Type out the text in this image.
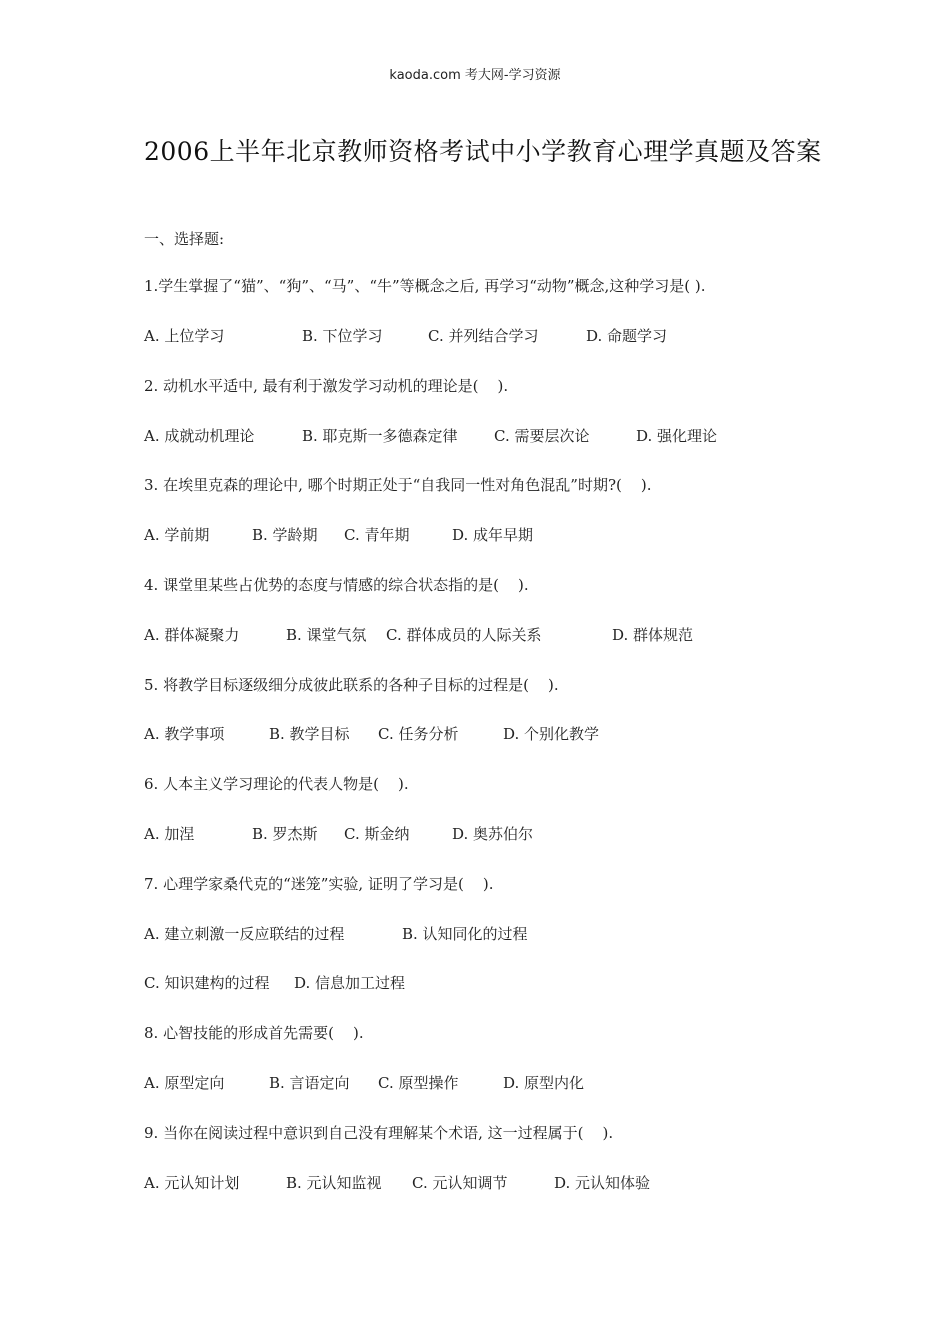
kaoda.com 考大网-学习资源
2006上半年北京教师资格考试中小学教育心理学真题及答案
一、选择题:

1.学生掌握了“猫”、“狗”、“马”、“牛”等概念之后, 再学习“动物”概念,这种学习是( ).

A. 上位学习	B. 下位学习	C. 并列结合学习	D. 命题学习
2. 动机水平适中, 最有利于激发学习动机的理论是(    ).
A. 成就动机理论	B. 耶克斯一多德森定律	C. 需要层次论	D. 强化理论
3. 在埃里克森的理论中, 哪个时期正处于“自我同一性对角色混乱”时期?(    ).
A. 学前期	B. 学龄期	C. 青年期	D. 成年早期
4. 课堂里某些占优势的态度与情感的综合状态指的是(    ).
A. 群体凝聚力	B. 课堂气氛	C. 群体成员的人际关系	D. 群体规范
5. 将教学目标逐级细分成彼此联系的各种子目标的过程是(    ).
A. 教学事项	B. 教学目标	C. 任务分析	D. 个别化教学
6. 人本主义学习理论的代表人物是(    ).
A. 加涅	B. 罗杰斯	C. 斯金纳	D. 奥苏伯尔
7. 心理学家桑代克的“迷笼”实验, 证明了学习是(    ).
A. 建立刺激一反应联结的过程	B. 认知同化的过程
C. 知识建构的过程	D. 信息加工过程
8. 心智技能的形成首先需要(    ).
A. 原型定向	B. 言语定向	C. 原型操作	D. 原型内化
9. 当你在阅读过程中意识到自己没有理解某个术语, 这一过程属于(    ).
A. 元认知计划	B. 元认知监视	C. 元认知调节	D. 元认知体验
